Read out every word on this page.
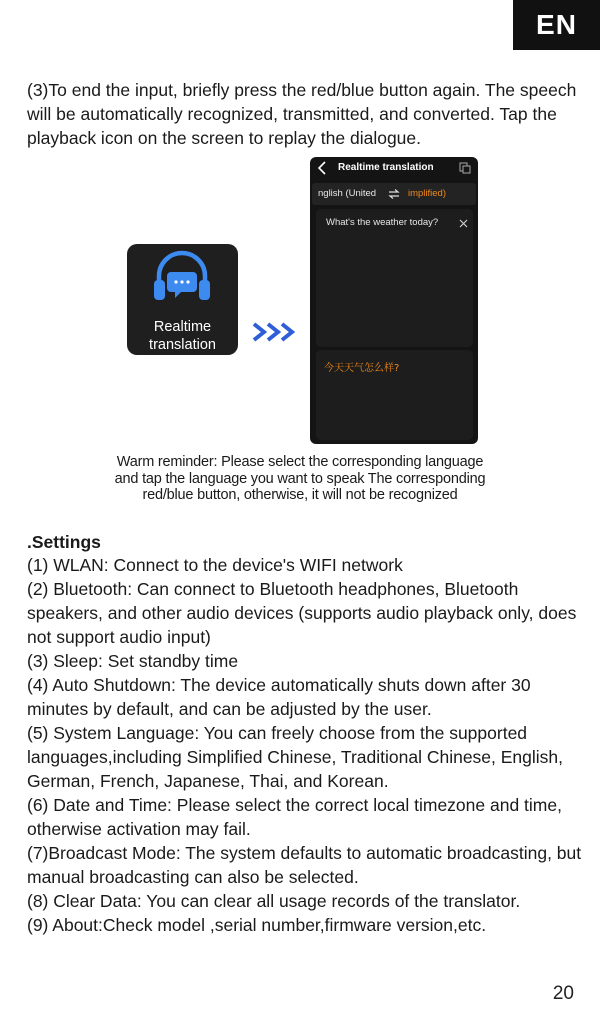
EN

(3)To end the input, briefly press the red/blue button again. The speech will be automatically recognized, transmitted, and converted. Tap the playback icon on the screen to replay the dialogue.

Realtime
translation
Realtime translation
nglish (United	implified)
What's the weather today?
今天天气怎么样?
Warm reminder: Please select the corresponding language
and tap the language you want to speak The corresponding
red/blue button, otherwise, it will not be recognized
.Settings

(1) WLAN: Connect to the device's WIFI network

(2) Bluetooth: Can connect to Bluetooth headphones, Bluetooth speakers, and other audio devices (supports audio playback only, does not support audio input)

(3) Sleep: Set standby time

(4) Auto Shutdown: The device automatically shuts down after 30 minutes by default, and can be adjusted by the user.

(5) System Language: You can freely choose from the supported languages,including Simplified Chinese, Traditional Chinese, English, German, French, Japanese, Thai, and Korean.

(6) Date and Time: Please select the correct local timezone and time, otherwise activation may fail.

(7)Broadcast Mode: The system defaults to automatic broadcasting, but manual broadcasting can also be selected.

(8) Clear Data: You can clear all usage records of the translator.

(9) About:Check model ,serial number,firmware version,etc.

20
